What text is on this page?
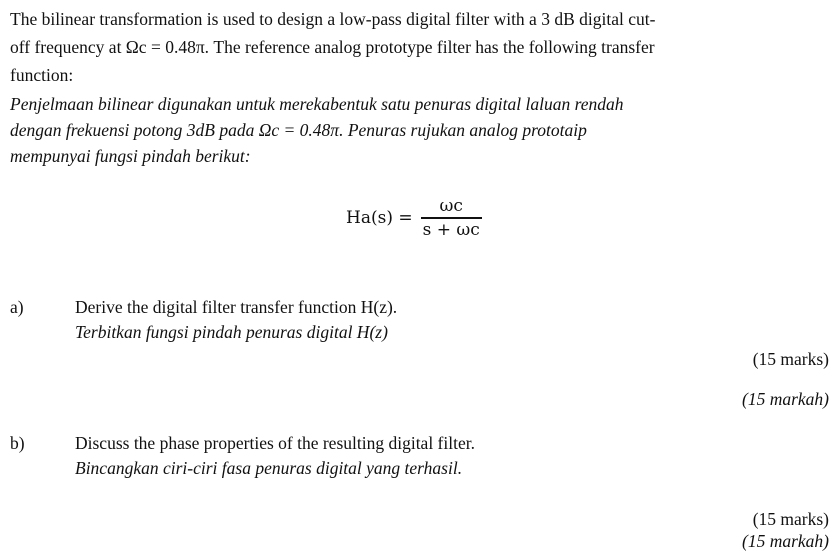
The bilinear transformation is used to design a low-pass digital filter with a 3 dB digital cut-
off frequency at Ωc = 0.48π. The reference analog prototype filter has the following transfer
function:
Penjelmaan bilinear digunakan untuk merekabentuk satu penuras digital laluan rendah
dengan frekuensi potong 3dB pada Ωc = 0.48π. Penuras rujukan analog prototaip
mempunyai fungsi pindah berikut:
$Ha(s) = \frac{\omega c}{s + \omega c}$
a)	Derive the digital filter transfer function H(z).
Terbitkan fungsi pindah penuras digital H(z)
(15 marks)
(15 markah)
b)	Discuss the phase properties of the resulting digital filter.
Bincangkan ciri-ciri fasa penuras digital yang terhasil.
(15 marks)
(15 markah)
